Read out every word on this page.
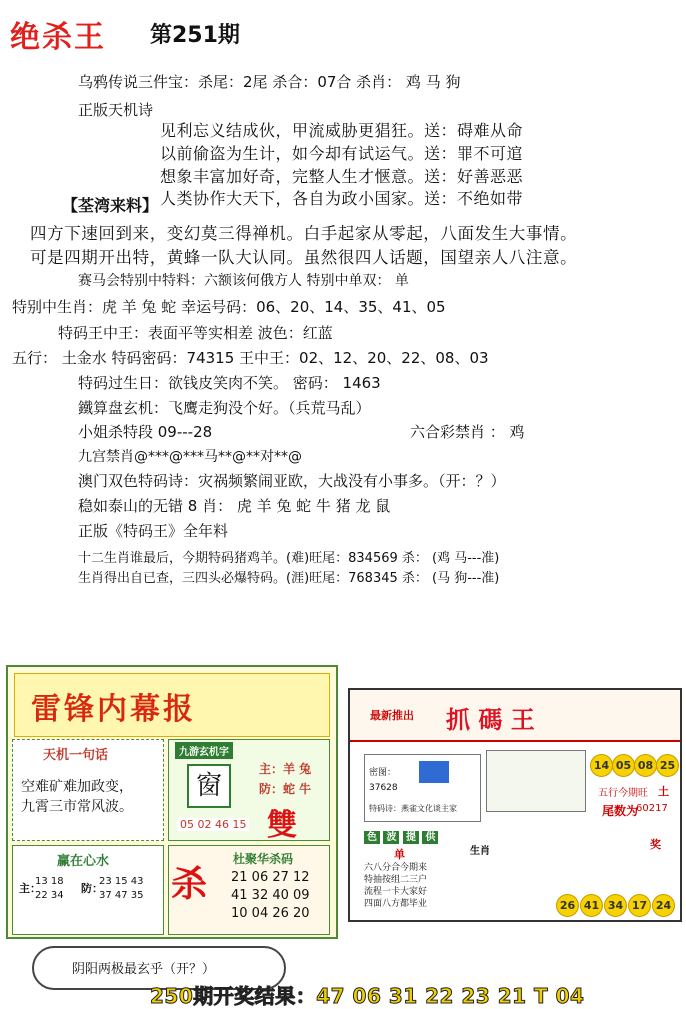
绝杀王 第251期
乌鸦传说三件宝：杀尾：2尾 杀合：07合 杀肖： 鸡 马 狗
正版天机诗
见利忘义结成伙，甲流威胁更猖狂。送：碍难从命
以前偷盗为生计，如今却有试运气。送：罪不可逭
想象丰富加好奇，完整人生才惬意。送：好善恶恶
人类协作大天下，各自为政小国家。送：不绝如带
【荃湾来料】
四方下速回到来，变幻莫三得禅机。白手起家从零起，八面发生大事情。
可是四期开出特，黄蜂一队大认同。虽然很四人话题，国望亲人八注意。
赛马会特别中特料：六额该何俄方人 特别中单双： 单
特别中生肖：虎 羊 兔 蛇 幸运号码：06、20、14、35、41、05
特码王中王：表面平等实相差 波色：红蓝
五行： 土金水 特码密码：74315 王中王：02、12、20、22、08、03
特码过生日：欲钱皮笑肉不笑。 密码： 1463
鐵算盘玄机：飞鹰走狗没个好。（兵荒马乱）
小姐杀特段 09---28	六合彩禁肖 ： 鸡
九宫禁肖@***@***马**@**对**@
澳门双色特码诗：灾祸频繁闹亚欧，大战没有小事多。（开：？）
稳如泰山的无错 8 肖： 虎 羊 兔 蛇 牛 猪 龙 鼠
正版《特码王》全年料
十二生肖谁最后，今期特码猪鸡羊。(难)旺尾：834569 杀： (鸡 马---准)
生肖得出自已查，三四头必爆特码。(涯)旺尾：768345 杀： (马 狗---准)
雷锋内幕报
天机一句话
空难矿难加政变，
九霄三市常风波。
九游玄机字
窗
主：羊 兔
防：蛇 牛
05 02 46 15 雙
赢在心水
主：
13 18
22 34
防：
23 15 43
37 47 35 杀
杜聚华杀码
21 06 27 12
41 32 40 09
10 04 26 20
最新推出 抓 碼 王
密图：
37628
特码诗： 燕雀文化谈主家
14 05 08 25
五行今期旺 土
尾数为
60217
色 波 提 供
单	生肖
六八分合今期来
特抽按组二三户
流程一卡大家好
四面八方都毕业
奖
26 41 34 17 24
阴阳两极最玄乎（开？）
250期开奖结果：47 06 31 22 23 21 T 04
